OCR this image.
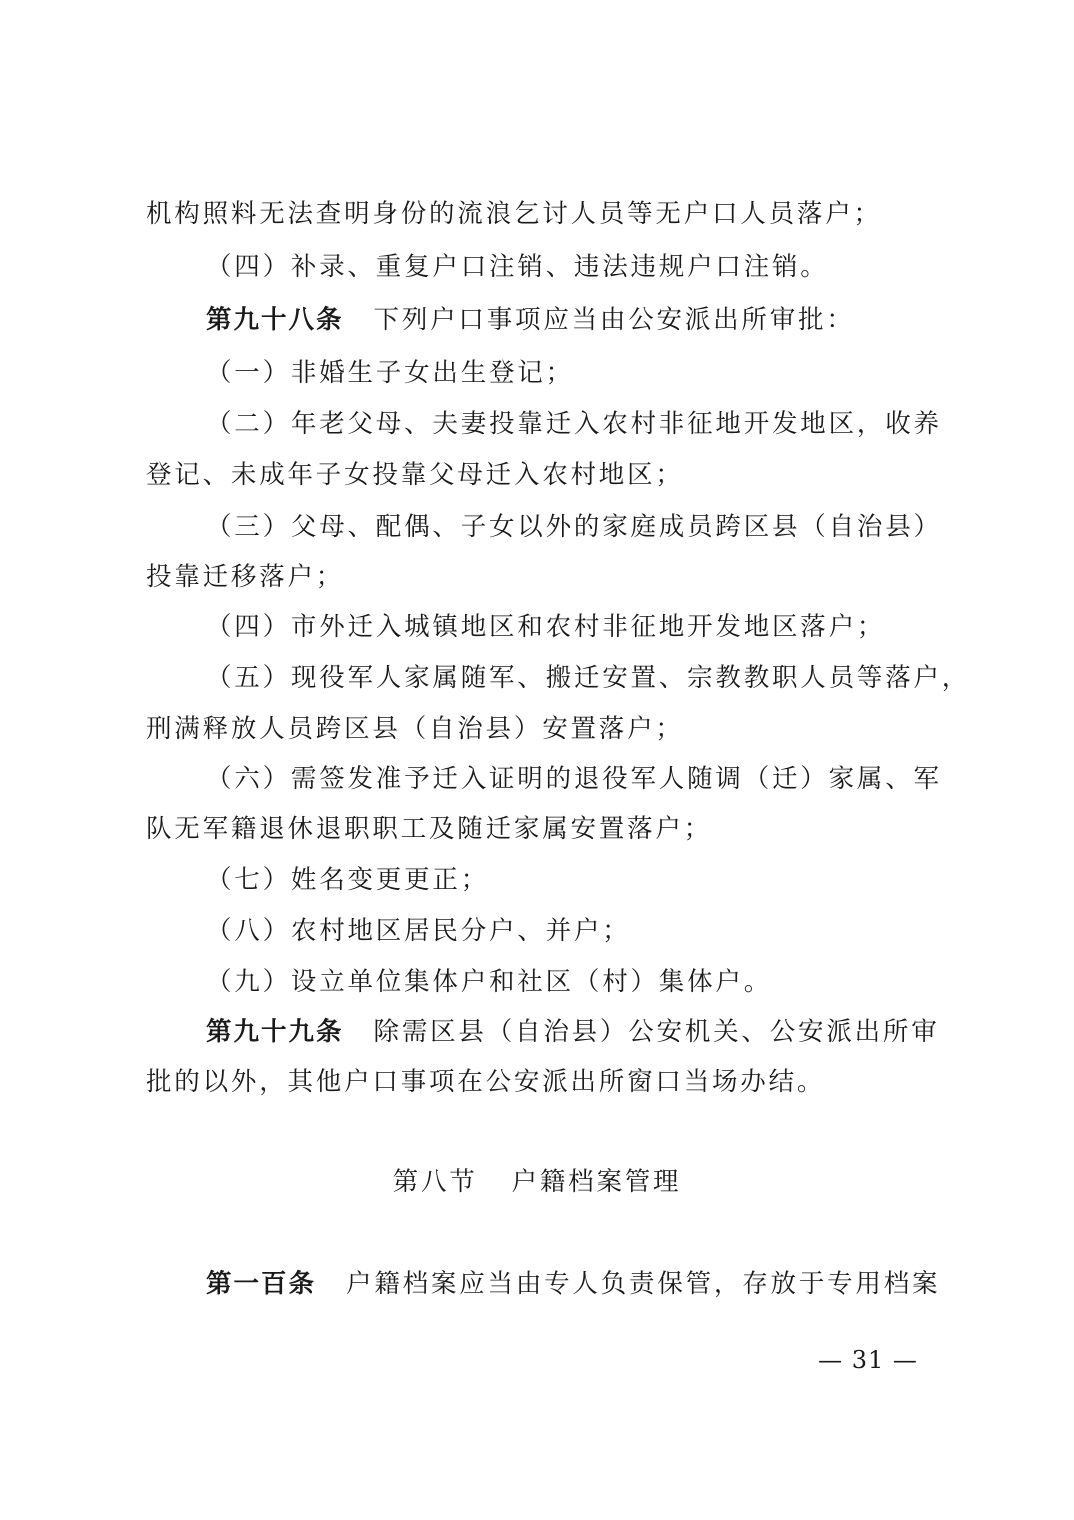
机构照料无法查明身份的流浪乞讨人员等无户口人员落户；
（四）补录、重复户口注销、违法违规户口注销。
第九十八条 下列户口事项应当由公安派出所审批：
（一）非婚生子女出生登记；
（二）年老父母、夫妻投靠迁入农村非征地开发地区，收养
登记、未成年子女投靠父母迁入农村地区；
（三）父母、配偶、子女以外的家庭成员跨区县（自治县）
投靠迁移落户；
（四）市外迁入城镇地区和农村非征地开发地区落户；
（五）现役军人家属随军、搬迁安置、宗教教职人员等落户，
刑满释放人员跨区县（自治县）安置落户；
（六）需签发准予迁入证明的退役军人随调（迁）家属、军
队无军籍退休退职职工及随迁家属安置落户；
（七）姓名变更更正；
（八）农村地区居民分户、并户；
（九）设立单位集体户和社区（村）集体户。
第九十九条 除需区县（自治县）公安机关、公安派出所审
批的以外，其他户口事项在公安派出所窗口当场办结。
第八节 户籍档案管理
第一百条 户籍档案应当由专人负责保管，存放于专用档案
— 31 —
